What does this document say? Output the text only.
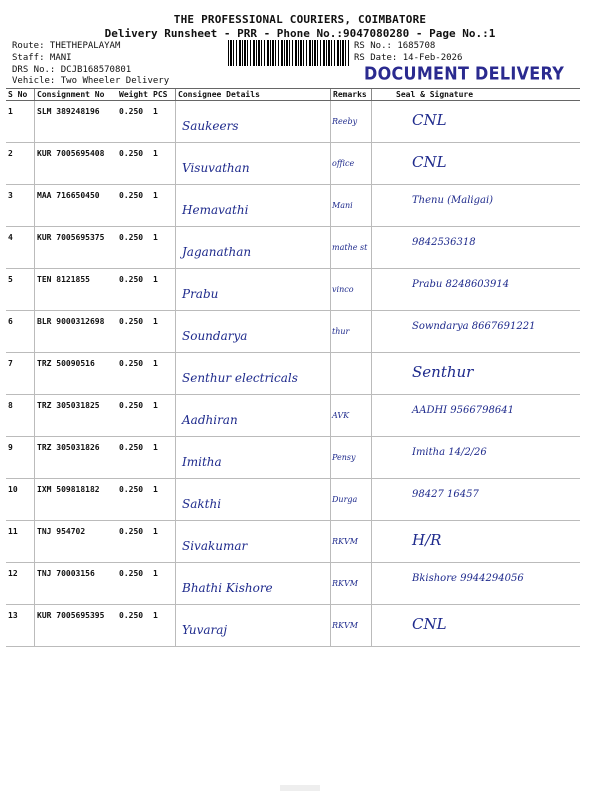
THE PROFESSIONAL COURIERS, COIMBATORE
Delivery Runsheet - PRR - Phone No.:9047080280 - Page No.:1
Route: THETHEPALAYAM
Staff: MANI
DRS No.: DCJB168570801
Vehicle: Two Wheeler Delivery
RS No.: 1685708
RS Date: 14-Feb-2026
DOCUMENT DELIVERY
S No	Consignment No	Weight	PCS	Consignee Details	Remarks	Seal & Signature

1	SLM 389248196	0.250	1	Saukeers	Reeby	CNL

2	KUR 7005695408	0.250	1	Visuvathan	office	CNL

3	MAA 716650450	0.250	1	Hemavathi	Mani	Thenu (Maligai)

4	KUR 7005695375	0.250	1	Jaganathan	mathe st	9842536318

5	TEN 8121855	0.250	1	Prabu	vinco	Prabu 8248603914

6	BLR 9000312698	0.250	1	Soundarya	thur	Sowndarya 8667691221

7	TRZ 50090516	0.250	1	Senthur electricals		Senthur

8	TRZ 305031825	0.250	1	Aadhiran	AVK	AADHI 9566798641

9	TRZ 305031826	0.250	1	Imitha	Pensy	Imitha 14/2/26

10	IXM 509818182	0.250	1	Sakthi	Durga	98427 16457

11	TNJ 954702	0.250	1	Sivakumar	RKVM	H/R

12	TNJ 70003156	0.250	1	Bhathi Kishore	RKVM	Bkishore 9944294056

13	KUR 7005695395	0.250	1	Yuvaraj	RKVM	CNL
